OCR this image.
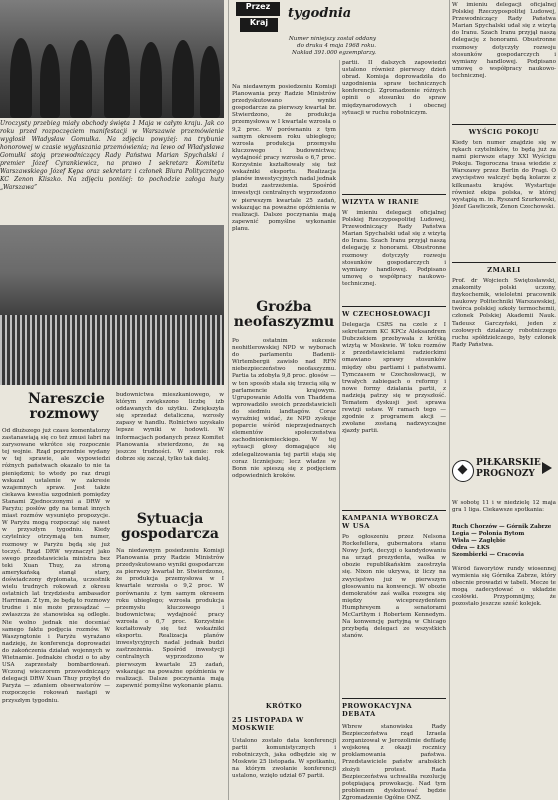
Uroczysty przebieg miały obchody święta 1 Maja w całym kraju. Jak co roku przed rozpoczęciem manifestacji w Warszawie przemówienie wygłosił Władysław Gomułka. Na zdjęciu powyżej: na trybunie honorowej w czasie wygłaszania przemówienia; na lewo od Władysława Gomułki stoją przewodniczący Rady Państwa Marian Spychalski i premier Józef Cyrankiewicz, na prawo I sekretarz Komitetu Warszawskiego Józef Kępa oraz sekretarz i członek Biura Politycznego KC Zenon Kliszko. Na zdjęciu poniżej: to pochodzie załoga huty „Warszawa”
Nareszcie rozmowy
Od dłuższego już czasu komentatorzy zastanawiają się co też zmusi łabri na zarysowane wkrótce się rozpocznie tej wojnie. Rząd poprzednie wydany w tej sprawie, ale wypowiedzi różnych państwach okazało to nie ta pieniędzmi; to wtedy po raz drugi wskazał ustalenie w zakresie wzajemnych spraw. Jest także ciekawa kwestia uzgodnień pomiędzy Stanami Zjednoczonymi a DRW w Paryżu; posłów gdy na temat innych miast rozmów wysunięto propozycje. W Paryżu mogą rozpocząć się nawet w przyszłym tygodniu. Kiedy czytelnicy otrzymają ten numer, rozmowy w Paryżu będą się już toczyć. Rząd DRW wyznaczył jako swego przedstawiciela ministra bez teki Xuan Thuy, za stroną amerykańską stanął stary, doświadczony dyplomata, uczestnik wielu trudnych rokowań z okresu ostatnich lat trzydziestu ambasador Harriman. Z tym, że będą to rozmowy trudne i nie może przesądzać — zwłaszcza że stanowiska są odległe. Nie wolno jednak nie doceniać samego faktu podjęcia rozmów. W Waszyngtonie i Paryżu wyrażano nadzieję, że konferencja doprowadzi do zakończenia działań wojennych w Wietnamie. Jednakże chodzi o to aby USA zaprzestały bombardowań. Wczoraj wieczorem przewodniczący delegacji DRW Xuan Thuy przybył do Paryża — zdaniem obserwatorów — rozpoczęcie rokowań nastąpi w przyszłym tygodniu.
budownictwa mieszkaniowego, w którym zwiększono liczbę izb oddawanych do użytku. Zwiększyła się sprzedaż detaliczna, wzrosły zapasy w handlu. Rolnictwo uzyskało lepsze wyniki w hodowli. W informacjach podanych przez Komitet Planowania stwierdzono, że są jeszcze trudności. W sumie: rok dobrze się zaczął, tylko tak dalej.
Sytuacja gospodarcza
Na niedawnym posiedzeniu Komisji Planowania przy Radzie Ministrów przedyskutowano wyniki gospodarcze za pierwszy kwartał br. Stwierdzono, że produkcja przemysłowa w I kwartale wzrosła o 9,2 proc. W porównaniu z tym samym okresem roku ubiegłego; wzrosła produkcja przemysłu kluczowego i budownictwa; wydajność pracy wzrosła o 6,7 proc. Korzystnie kształtowały się też wskaźniki eksportu. Realizacja planów inwestycyjnych nadal jednak budzi zastrzeżenia. Spośród inwestycji centralnych wyprzedzono w pierwszym kwartale 25 zadań, wskazując na poważne opóźnienia w realizacji. Dalsze poczynania mają zapewnić pomyślne wykonanie planu.
Przez
Kraj
tygodnia
Numer niniejszy został oddany do druku 4 maja 1968 roku. Nakład 391.000 egzemplarzy.
Na niedawnym posiedzeniu Komisji Planowania przy Radzie Ministrów przedyskutowano wyniki gospodarcze za pierwszy kwartał br. Stwierdzono, że produkcja przemysłowa w I kwartale wzrosła o 9,2 proc. W porównaniu z tym samym okresem roku ubiegłego; wzrosła produkcja przemysłu kluczowego i budownictwa; wydajność pracy wzrosła o 6,7 proc. Korzystnie kształtowały się też wskaźniki eksportu. Realizacja planów inwestycyjnych nadal jednak budzi zastrzeżenia. Spośród inwestycji centralnych wyprzedzono w pierwszym kwartale 25 zadań, wskazując na poważne opóźnienia w realizacji. Dalsze poczynania mają zapewnić pomyślne wykonanie planu.
Groźba neofaszyzmu
Po ostatnim sukcesie neohitlerowskiej NPD w wyborach do parlamentu Badenii-Wirtembergii zawisło nad RFN niebezpieczeństwo neofaszyzmu. Partia ta zdobyła 9,8 proc. głosów — w ten sposób stała się trzecią siłą w parlamencie krajowym. Ugrupowanie Adolfa von Thaddena wprowadziło swoich przedstawicieli do siedmiu landtagów. Coraz wyraźniej widać, że NPD zyskuje poparcie wśród nieprzejednanych elementów społeczeństwa zachodnioniemieckiego. W tej sytuacji głosy domagające się zdelegalizowania tej partii stają się coraz liczniejsze; lecz władze w Bonn nie spieszą się z podjęciem odpowiednich kroków.
KRÓTKO
25 LISTOPADA W MOSKWIE
Ustalono zostało data konferencji partii komunistycznych i robotniczych, jaka odbędzie się w Moskwie 25 listopada. W spotkaniu, na którym zwołanie konferencji ustalono, wzięło udział 67 partii.
partii. II dalszych zapowiedzi ustalono również pierwszy dzień obrad. Komisja doprowadziła do uzgodnienia spraw technicznych konferencji. Zgromadzenie różnych opinii o stosunku do spraw międzynarodowych i obecnej sytuacji w ruchu robotniczym.
WIZYTA W IRANIE
W imieniu delegacji oficjalnej Polskiej Rzeczypospolitej Ludowej, Przewodniczący Rady Państwa Marian Spychalski udał się z wizytą do Iranu. Szach Iranu przyjął naszą delegację z honorami. Obustronne rozmowy dotyczyły rozwoju stosunków gospodarczych i wymiany handlowej. Podpisano umowę o współpracy naukowo-technicznej.
W CZECHOSŁOWACJI
Delegacja CSRS na czele z I sekretarzem KC KPCz Aleksandrem Dubczekiem przebywała z krótką wizytą w Moskwie. W toku rozmów z przedstawicielami radzieckimi omawiano sprawy stosunków między obu partiami i państwami. Tymczasem w Czechosłowacji, w trwałych zabiegach o reformy i nowe formy działania partii, z nadzieją patrzy się w przyszłość. Tematem dyskusji jest sprawa rewizji ustaw. W ramach tego — zgodnie z programem akcji — zwołane zostaną nadzwyczajne zjazdy partii.
KAMPANIA WYBORCZA W USA
Po ogłoszeniu przez Nelsona Rockefellera, gubernatora stanu Nowy Jork, decyzji o kandydowaniu na urząd prezydenta, walka w obozie republikańskim zaostrzyła się. Nixon nie ukrywa, iż liczy na zwycięstwo już w pierwszym głosowaniu na konwencji. W obozie demokratów zaś walka rozegra się między wiceprezydentem Humphreyem a senatorami McCarthym i Robertem Kennedym. Na konwencję partyjną w Chicago przybędą delegaci ze wszystkich stanów.
PROWOKACYJNA DEBATA
Wbrew stanowisku Rady Bezpieczeństwa rząd Izraela zorganizował w Jerozolimie defiladę wojskową z okazji rocznicy proklamowania państwa. Przedstawiciele państw arabskich złożyli protest. Rada Bezpieczeństwa uchwaliła rezolucję potępiającą prowokację. Nad tym problemem dyskutować będzie Zgromadzenie Ogólne ONZ.
W imieniu delegacji oficjalnej Polskiej Rzeczypospolitej Ludowej, Przewodniczący Rady Państwa Marian Spychalski udał się z wizytą do Iranu. Szach Iranu przyjął naszą delegację z honorami. Obustronne rozmowy dotyczyły rozwoju stosunków gospodarczych i wymiany handlowej. Podpisano umowę o współpracy naukowo-technicznej.
WYŚCIG POKOJU
Kiedy ten numer znajdzie się w rękach czytelników, to będą już za nami pierwsze etapy XXI Wyścigu Pokoju. Tegoroczna trasa wiedzie z Warszawy przez Berlin do Pragi. O zwycięstwo walczyć będą kolarze z kilkunastu krajów. Wystartuje również ekipa polska, w której wystąpią m. in. Ryszard Szurkowski, Józef Gawliczek, Zenon Czechowski.
ZMARLI
Prof. dr Wojciech Świętosławski, znakomity polski uczony, fizykochemik, wieloletni pracownik naukowy Politechniki Warszawskiej, twórca polskiej szkoły termochemii, członek Polskiej Akademii Nauk. Tadeusz Garczyński, jeden z czołowych działaczy robotniczego ruchu spółdzielczego, były członek Rady Państwa.
PIŁKARSKIE PROGNOZY
W sobotę 11 i w niedzielę 12 maja gra 1 liga. Ciekawsze spotkania:
Ruch Chorzów — Górnik Zabrze
Legia — Polonia Bytom
Wisła — Zagłębie
Odra — ŁKS
Szombierki — Cracovia
Wśród faworytów rundy wiosennej wymienia się Górnika Zabrze, który obecnie prowadzi w tabeli. Mecze te mogą zadecydować o układzie czołówki. Przypomnijmy, że pozostało jeszcze sześć kolejek.
